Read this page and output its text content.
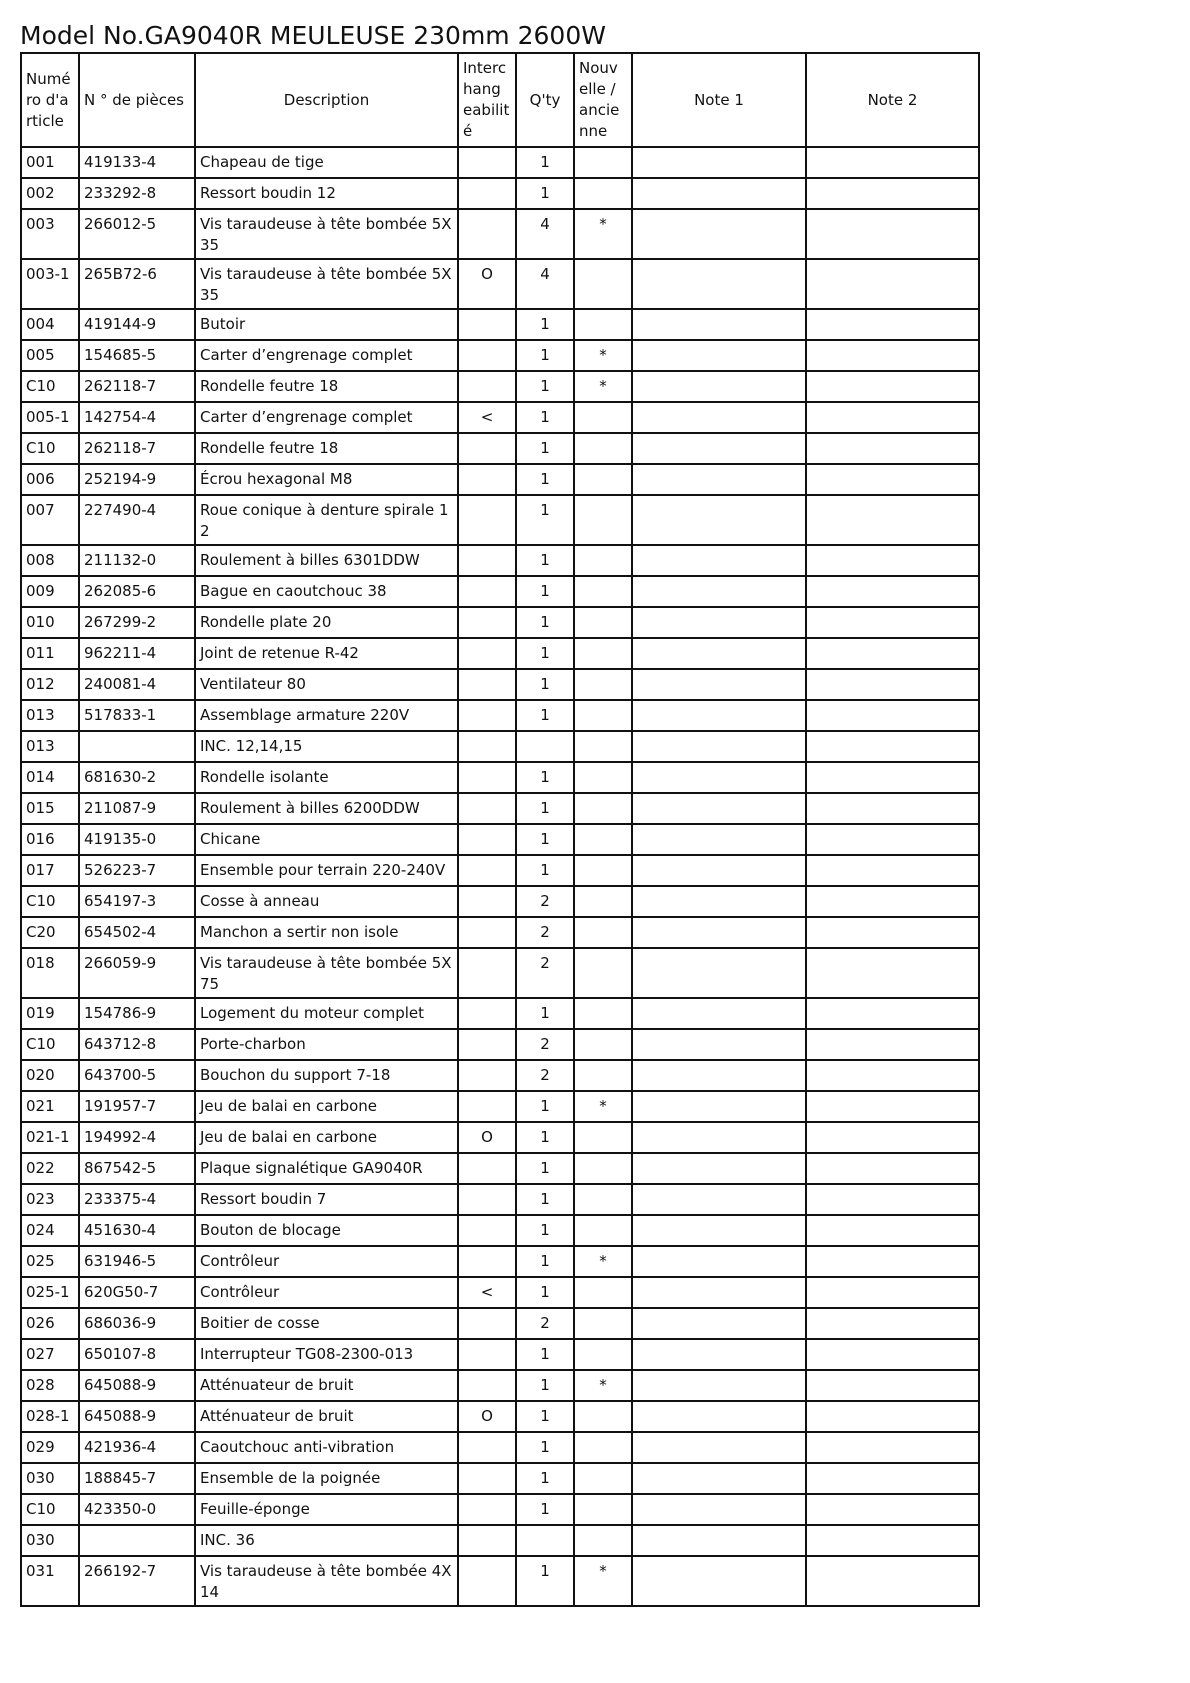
Model No.GA9040R MEULEUSE 230mm 2600W
Numé ro d'a rticle	N ° de pièces	Description	Interc hang eabilit é	Q'ty	Nouv elle / ancie nne	Note 1	Note 2
001	419133-4	Chapeau de tige		1			
002	233292-8	Ressort boudin 12		1			
003	266012-5	Vis taraudeuse à tête bombée 5X 35		4	*		
003-1	265B72-6	Vis taraudeuse à tête bombée 5X 35	O	4			
004	419144-9	Butoir		1			
005	154685-5	Carter d’engrenage complet		1	*		
C10	262118-7	Rondelle feutre 18		1	*		
005-1	142754-4	Carter d’engrenage complet	<	1			
C10	262118-7	Rondelle feutre 18		1			
006	252194-9	Écrou hexagonal M8		1			
007	227490-4	Roue conique à denture spirale 1 2		1			
008	211132-0	Roulement à billes 6301DDW		1			
009	262085-6	Bague en caoutchouc 38		1			
010	267299-2	Rondelle plate 20		1			
011	962211-4	Joint de retenue R-42		1			
012	240081-4	Ventilateur 80		1			
013	517833-1	Assemblage armature 220V		1			
013		INC. 12,14,15					
014	681630-2	Rondelle isolante		1			
015	211087-9	Roulement à billes 6200DDW		1			
016	419135-0	Chicane		1			
017	526223-7	Ensemble pour terrain 220-240V		1			
C10	654197-3	Cosse à anneau		2			
C20	654502-4	Manchon a sertir non isole		2			
018	266059-9	Vis taraudeuse à tête bombée 5X 75		2			
019	154786-9	Logement du moteur complet		1			
C10	643712-8	Porte-charbon		2			
020	643700-5	Bouchon du support 7-18		2			
021	191957-7	Jeu de balai en carbone		1	*		
021-1	194992-4	Jeu de balai en carbone	O	1			
022	867542-5	Plaque signalétique GA9040R		1			
023	233375-4	Ressort boudin 7		1			
024	451630-4	Bouton de blocage		1			
025	631946-5	Contrôleur		1	*		
025-1	620G50-7	Contrôleur	<	1			
026	686036-9	Boitier de cosse		2			
027	650107-8	Interrupteur TG08-2300-013		1			
028	645088-9	Atténuateur de bruit		1	*		
028-1	645088-9	Atténuateur de bruit	O	1			
029	421936-4	Caoutchouc anti-vibration		1			
030	188845-7	Ensemble de la poignée		1			
C10	423350-0	Feuille-éponge		1			
030		INC. 36					
031	266192-7	Vis taraudeuse à tête bombée 4X 14		1	*		
